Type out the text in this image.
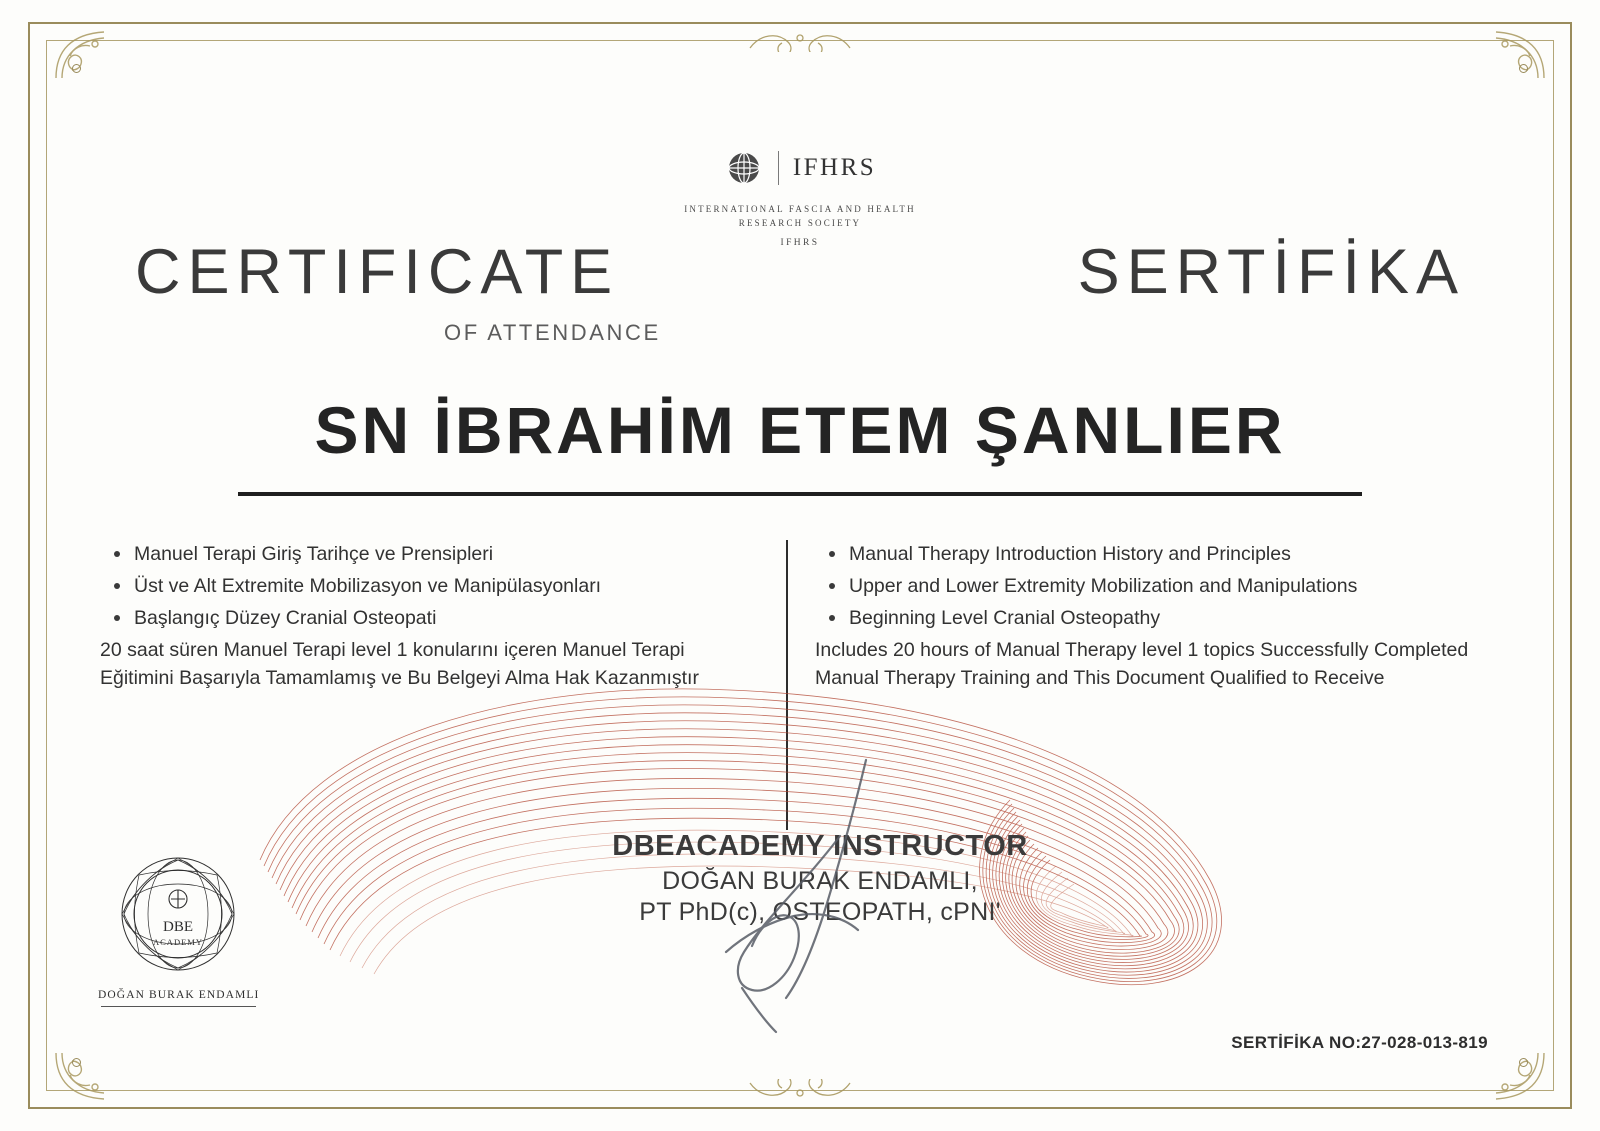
IFHRS
INTERNATIONAL FASCIA AND HEALTH
RESEARCH SOCIETY
IFHRS
CERTIFICATE
OF ATTENDANCE
SERTİFİKA
SN İBRAHİM ETEM ŞANLIER
Manuel Terapi Giriş Tarihçe ve Prensipleri
Üst ve Alt Extremite Mobilizasyon ve Manipülasyonları
Başlangıç Düzey Cranial Osteopati

20 saat süren Manuel Terapi level 1 konularını içeren Manuel Terapi Eğitimini Başarıyla Tamamlamış ve Bu Belgeyi Alma Hak Kazanmıştır

Manual Therapy Introduction History and Principles
Upper and Lower Extremity Mobilization and Manipulations
Beginning Level Cranial Osteopathy

Includes 20 hours of Manual Therapy level 1 topics Successfully Completed Manual Therapy Training and This Document Qualified to Receive

DBEACADEMY INSTRUCTOR
DOĞAN BURAK ENDAMLI,
PT PhD(c), OSTEOPATH, cPNI'
DBE
ACADEMY
DOĞAN BURAK ENDAMLI
SERTİFİKA NO:27-028-013-819
